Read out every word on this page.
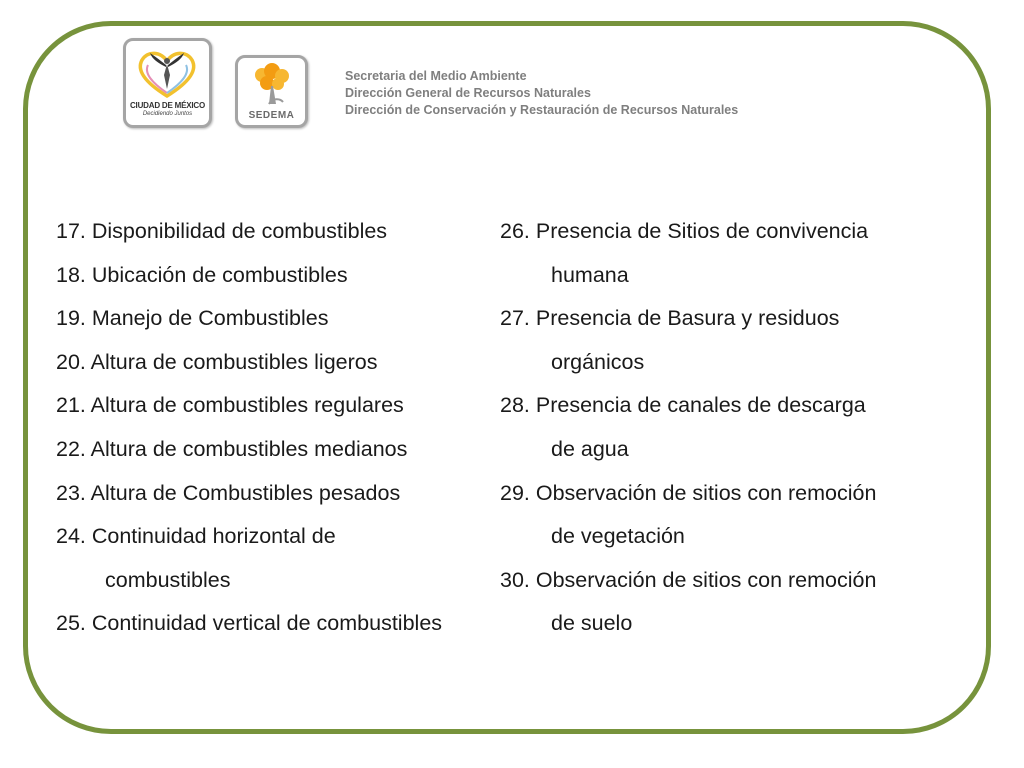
CIUDAD DE MÉXICO
Decidiendo Juntos	SEDEMA
Secretaria del Medio Ambiente
Dirección General de Recursos Naturales
Dirección de Conservación y Restauración de Recursos Naturales
17. Disponibilidad de combustibles
18. Ubicación de combustibles
19. Manejo de Combustibles
20. Altura de combustibles ligeros
21. Altura de combustibles regulares
22. Altura de combustibles medianos
23. Altura de Combustibles pesados
24. Continuidad horizontal de
combustibles
25. Continuidad vertical de combustibles
26. Presencia de Sitios de convivencia
humana
27. Presencia de Basura y residuos
orgánicos
28. Presencia de canales de descarga
de agua
29. Observación de sitios con remoción
de vegetación
30. Observación de sitios con remoción
de suelo
